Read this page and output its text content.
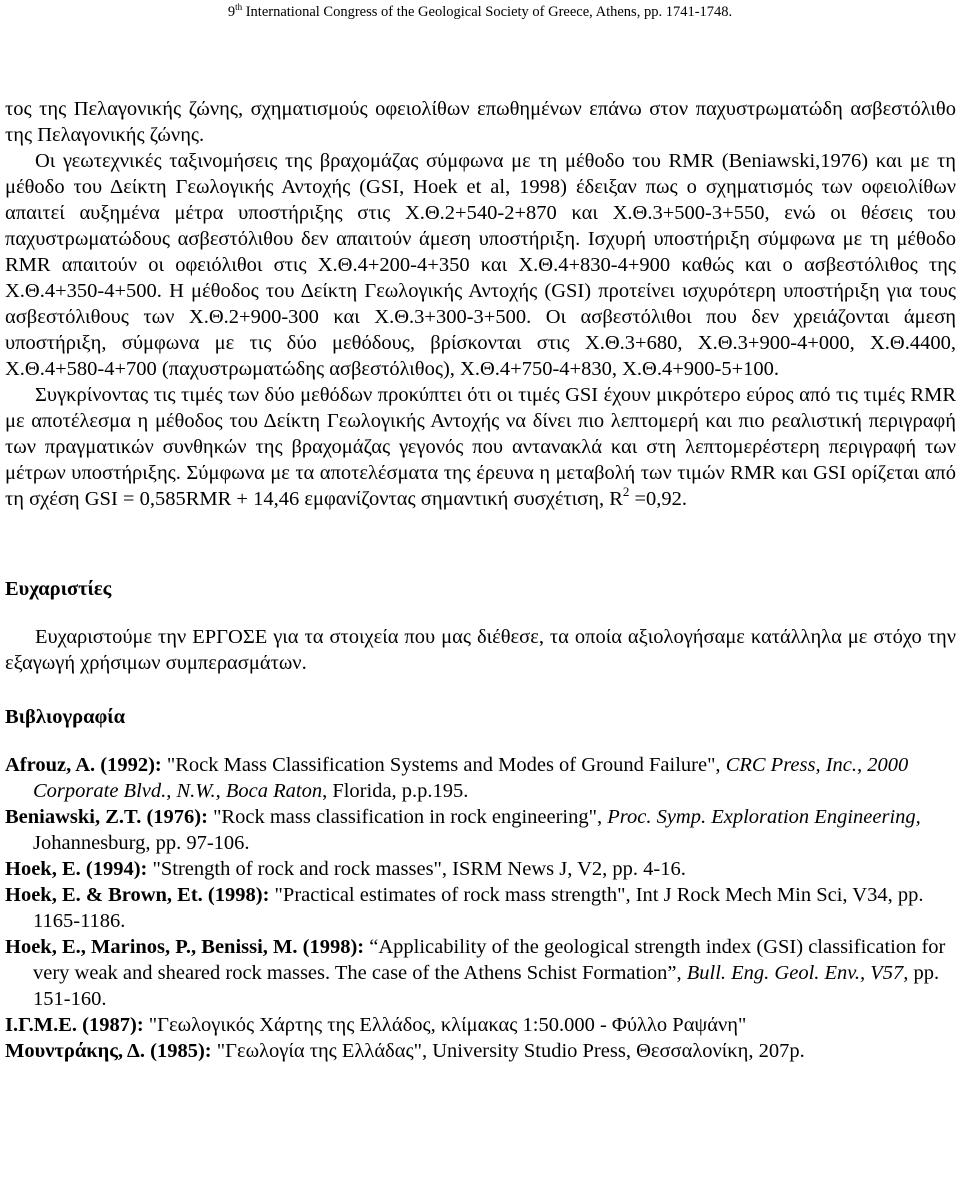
9th International Congress of the Geological Society of Greece, Athens, pp. 1741-1748.

τος της Πελαγονικής ζώνης, σχηματισμούς οφειολίθων επωθημένων επάνω στον παχυστρωματώδη ασβεστόλιθο της Πελαγονικής ζώνης.

Οι γεωτεχνικές ταξινομήσεις της βραχομάζας σύμφωνα με τη μέθοδο του RMR (Beniawski,1976) και με τη μέθοδο του Δείκτη Γεωλογικής Αντοχής (GSI, Hoek et al, 1998) έδειξαν πως ο σχηματισμός των οφειολίθων απαιτεί αυξημένα μέτρα υποστήριξης στις Χ.Θ.2+540-2+870 και Χ.Θ.3+500-3+550, ενώ οι θέσεις του παχυστρωματώδους ασβεστόλιθου δεν απαιτούν άμεση υποστήριξη. Ισχυρή υποστήριξη σύμφωνα με τη μέθοδο RMR απαιτούν οι οφειόλιθοι στις Χ.Θ.4+200-4+350 και Χ.Θ.4+830-4+900 καθώς και ο ασβεστόλιθος της Χ.Θ.4+350-4+500. Η μέθοδος του Δείκτη Γεωλογικής Αντοχής (GSI) προτείνει ισχυρότερη υποστήριξη για τους ασβεστόλιθους των Χ.Θ.2+900-300 και Χ.Θ.3+300-3+500. Οι ασβεστόλιθοι που δεν χρειάζονται άμεση υποστήριξη, σύμφωνα με τις δύο μεθόδους, βρίσκονται στις Χ.Θ.3+680, Χ.Θ.3+900-4+000, Χ.Θ.4400, Χ.Θ.4+580-4+700 (παχυστρωματώδης ασβεστόλιθος), Χ.Θ.4+750-4+830, Χ.Θ.4+900-5+100.

Συγκρίνοντας τις τιμές των δύο μεθόδων προκύπτει ότι οι τιμές GSI έχουν μικρότερο εύρος από τις τιμές RMR με αποτέλεσμα η μέθοδος του Δείκτη Γεωλογικής Αντοχής να δίνει πιο λεπτομερή και πιο ρεαλιστική περιγραφή των πραγματικών συνθηκών της βραχομάζας γεγονός που αντανακλά και στη λεπτομερέστερη περιγραφή των μέτρων υποστήριξης. Σύμφωνα με τα αποτελέσματα της έρευνα η μεταβολή των τιμών RMR και GSI ορίζεται από τη σχέση GSI = 0,585RMR + 14,46 εμφανίζοντας σημαντική συσχέτιση, $R^2 =0,92$.

Ευχαριστίες

Ευχαριστούμε την ΕΡΓΟΣΕ για τα στοιχεία που μας διέθεσε, τα οποία αξιολογήσαμε κατάλληλα με στόχο την εξαγωγή χρήσιμων συμπερασμάτων.

Βιβλιογραφία

Afrouz, A. (1992): "Rock Mass Classification Systems and Modes of Ground Failure", CRC Press, Inc., 2000 Corporate Blvd., N.W., Boca Raton, Florida, p.p.195.

Beniawski, Z.T. (1976): "Rock mass classification in rock engineering", Proc. Symp. Exploration Engineering, Johannesburg, pp. 97-106.

Hoek, E. (1994): "Strength of rock and rock masses", ISRM News J, V2, pp. 4-16.

Hoek, E. & Brown, Et. (1998): "Practical estimates of rock mass strength", Int J Rock Mech Min Sci, V34, pp. 1165-1186.

Hoek, E., Marinos, P., Benissi, M. (1998): “Applicability of the geological strength index (GSI) classification for very weak and sheared rock masses. The case of the Athens Schist Formation”, Bull. Eng. Geol. Env., V57, pp. 151-160.

Ι.Γ.Μ.Ε. (1987): "Γεωλογικός Χάρτης της Ελλάδος, κλίμακας 1:50.000 - Φύλλο Ραψάνη"

Μουντράκης, Δ. (1985): "Γεωλογία της Ελλάδας", University Studio Press, Θεσσαλονίκη, 207p.
